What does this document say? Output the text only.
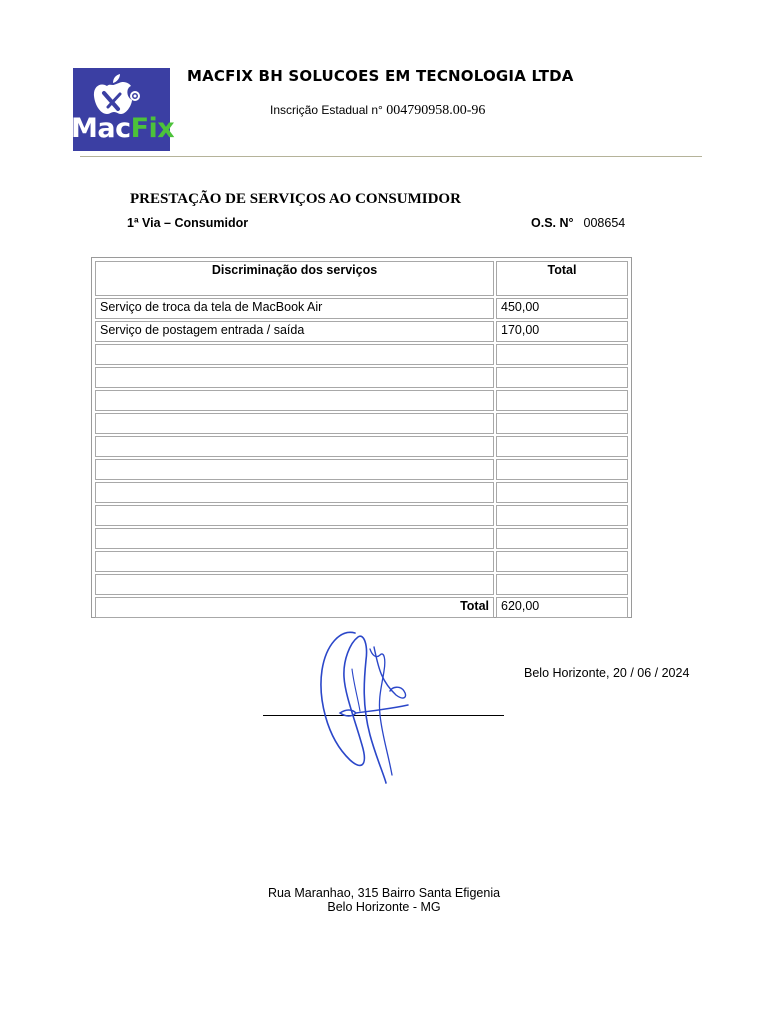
MacFix
MACFIX BH SOLUCOES EM TECNOLOGIA LTDA
Inscrição Estadual n° 004790958.00-96
PRESTAÇÃO DE SERVIÇOS AO CONSUMIDOR
1ª Via – Consumidor	O.S. N° 008654
Discriminação dos serviços	Total
Serviço de troca da tela de MacBook Air	450,00
Serviço de postagem entrada / saída	170,00

Total	620,00
Belo Horizonte, 20 / 06 / 2024
Rua Maranhao, 315 Bairro Santa Efigenia
Belo Horizonte - MG
